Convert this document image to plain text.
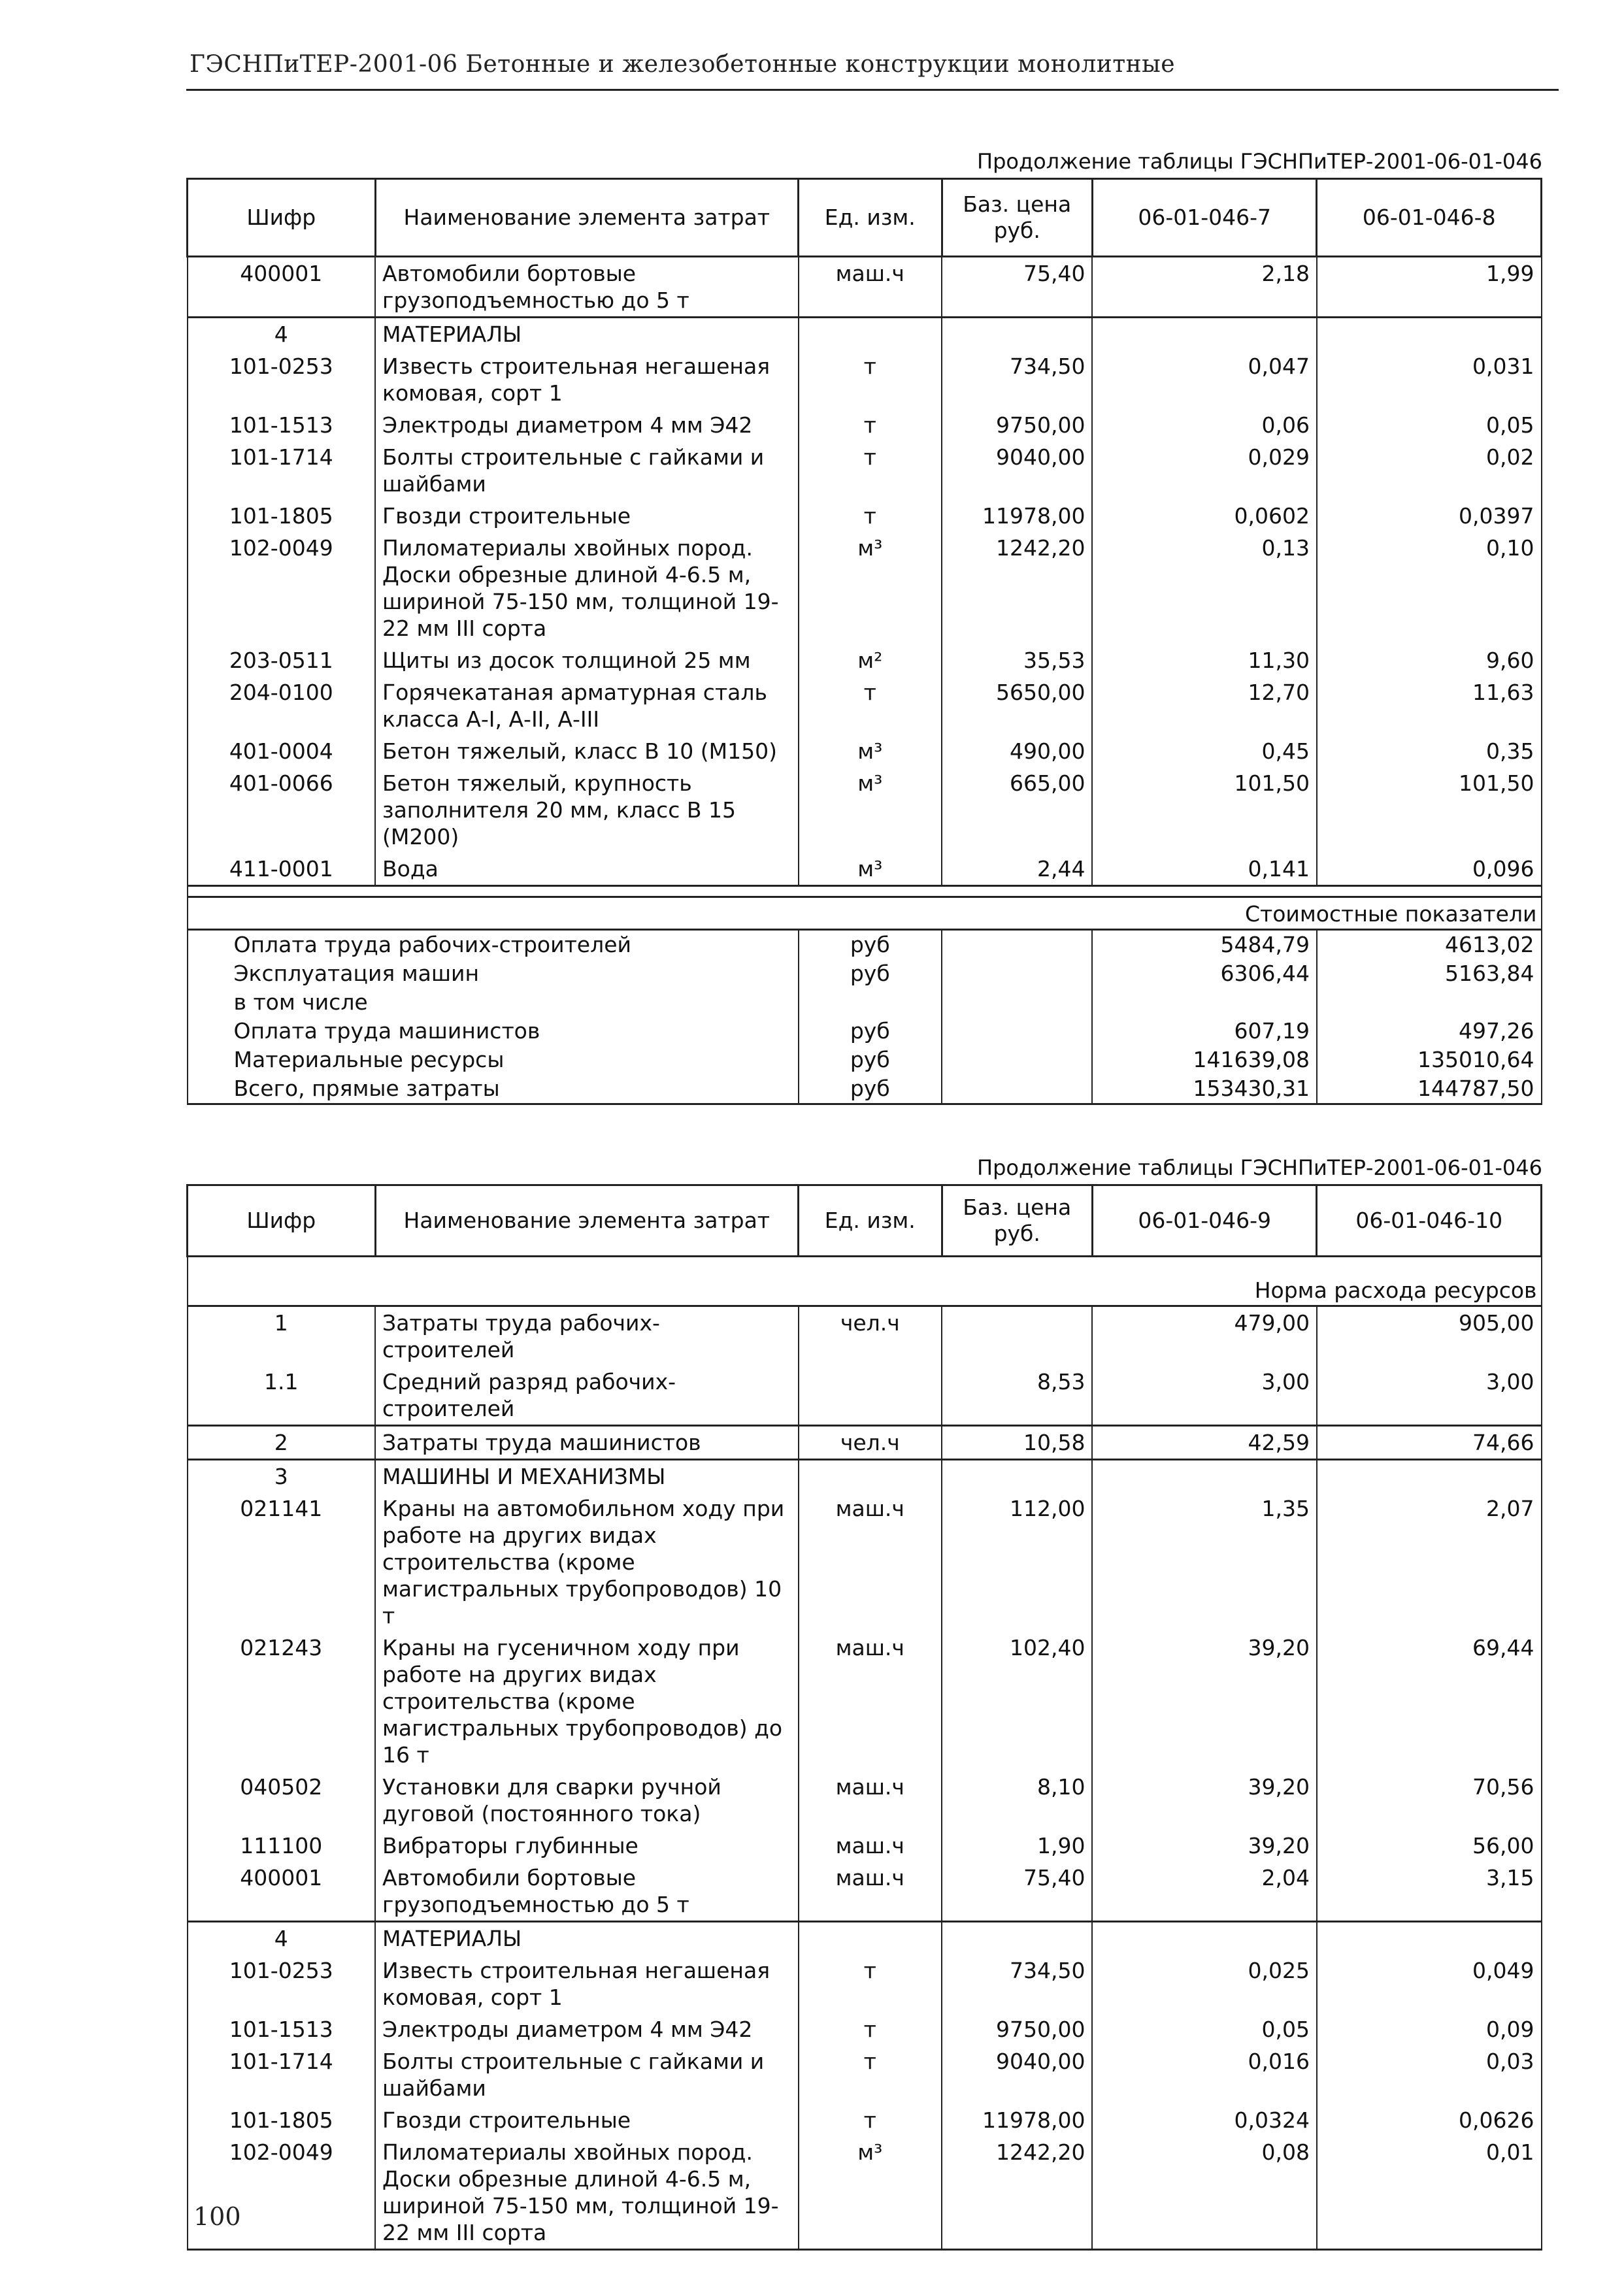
ГЭСНПиТЕР-2001-06 Бетонные и железобетонные конструкции монолитные
Продолжение таблицы ГЭСНПиТЕР-2001-06-01-046
Шифр	Наименование элемента затрат	Ед. изм.	Баз. цена руб.	06-01-046-7	06-01-046-8
400001	Автомобили бортовые грузоподъемностью до 5 т	маш.ч	75,40	2,18	1,99
4	МАТЕРИАЛЫ				
101-0253	Известь строительная негашеная комовая, сорт 1	т	734,50	0,047	0,031
101-1513	Электроды диаметром 4 мм Э42	т	9750,00	0,06	0,05
101-1714	Болты строительные с гайками и шайбами	т	9040,00	0,029	0,02
101-1805	Гвозди строительные	т	11978,00	0,0602	0,0397
102-0049	Пиломатериалы хвойных пород. Доски обрезные длиной 4-6.5 м, шириной 75-150 мм, толщиной 19-22 мм III сорта	м³	1242,20	0,13	0,10
203-0511	Щиты из досок толщиной 25 мм	м²	35,53	11,30	9,60
204-0100	Горячекатаная арматурная сталь класса А-I, А-II, А-III	т	5650,00	12,70	11,63
401-0004	Бетон тяжелый, класс В 10 (М150)	м³	490,00	0,45	0,35
401-0066	Бетон тяжелый, крупность заполнителя 20 мм, класс В 15 (М200)	м³	665,00	101,50	101,50
411-0001	Вода	м³	2,44	0,141	0,096

Стоимостные показатели					
Оплата труда рабочих-строителей		руб		5484,79	4613,02
Эксплуатация машин		руб		6306,44	5163,84
в том числе					
Оплата труда машинистов		руб		607,19	497,26
Материальные ресурсы		руб		141639,08	135010,64
Всего, прямые затраты		руб		153430,31	144787,50
Продолжение таблицы ГЭСНПиТЕР-2001-06-01-046
Шифр	Наименование элемента затрат	Ед. изм.	Баз. цена руб.	06-01-046-9	06-01-046-10
Норма расхода ресурсов					
1	Затраты труда рабочих-строителей	чел.ч		479,00	905,00
1.1	Средний разряд рабочих-строителей		8,53	3,00	3,00
2	Затраты труда машинистов	чел.ч	10,58	42,59	74,66
3	МАШИНЫ И МЕХАНИЗМЫ				
021141	Краны на автомобильном ходу при работе на других видах строительства (кроме магистральных трубопроводов) 10 т	маш.ч	112,00	1,35	2,07
021243	Краны на гусеничном ходу при работе на других видах строительства (кроме магистральных трубопроводов) до 16 т	маш.ч	102,40	39,20	69,44
040502	Установки для сварки ручной дуговой (постоянного тока)	маш.ч	8,10	39,20	70,56
111100	Вибраторы глубинные	маш.ч	1,90	39,20	56,00
400001	Автомобили бортовые грузоподъемностью до 5 т	маш.ч	75,40	2,04	3,15
4	МАТЕРИАЛЫ				
101-0253	Известь строительная негашеная комовая, сорт 1	т	734,50	0,025	0,049
101-1513	Электроды диаметром 4 мм Э42	т	9750,00	0,05	0,09
101-1714	Болты строительные с гайками и шайбами	т	9040,00	0,016	0,03
101-1805	Гвозди строительные	т	11978,00	0,0324	0,0626
102-0049	Пиломатериалы хвойных пород. Доски обрезные длиной 4-6.5 м, шириной 75-150 мм, толщиной 19-22 мм III сорта	м³	1242,20	0,08	0,01
100
